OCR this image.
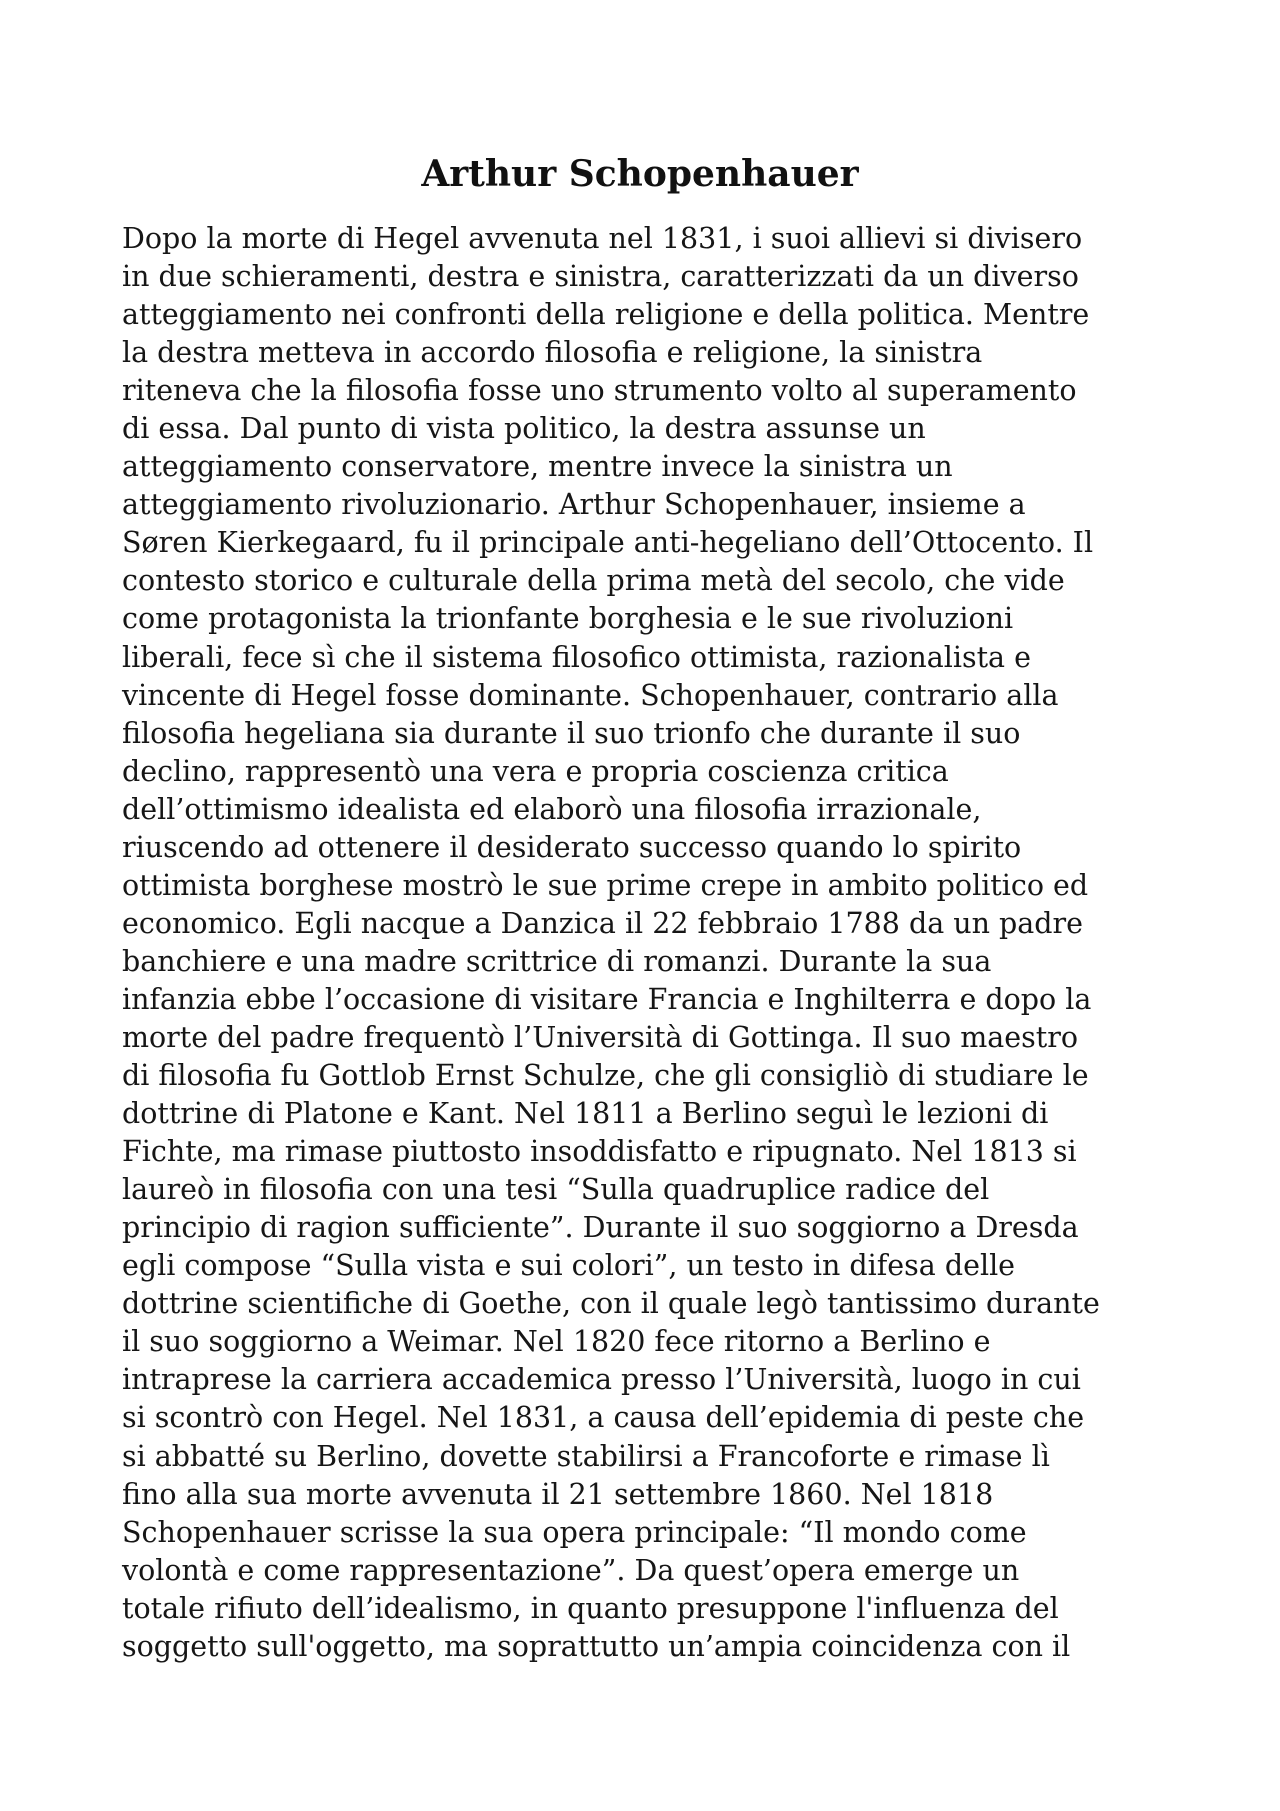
Arthur Schopenhauer
Dopo la morte di Hegel avvenuta nel 1831, i suoi allievi si divisero
in due schieramenti, destra e sinistra, caratterizzati da un diverso
atteggiamento nei confronti della religione e della politica. Mentre
la destra metteva in accordo filosofia e religione, la sinistra
riteneva che la filosofia fosse uno strumento volto al superamento
di essa. Dal punto di vista politico, la destra assunse un
atteggiamento conservatore, mentre invece la sinistra un
atteggiamento rivoluzionario. Arthur Schopenhauer, insieme a
Søren Kierkegaard, fu il principale anti-hegeliano dell’Ottocento. Il
contesto storico e culturale della prima metà del secolo, che vide
come protagonista la trionfante borghesia e le sue rivoluzioni
liberali, fece sì che il sistema filosofico ottimista, razionalista e
vincente di Hegel fosse dominante. Schopenhauer, contrario alla
filosofia hegeliana sia durante il suo trionfo che durante il suo
declino, rappresentò una vera e propria coscienza critica
dell’ottimismo idealista ed elaborò una filosofia irrazionale,
riuscendo ad ottenere il desiderato successo quando lo spirito
ottimista borghese mostrò le sue prime crepe in ambito politico ed
economico. Egli nacque a Danzica il 22 febbraio 1788 da un padre
banchiere e una madre scrittrice di romanzi. Durante la sua
infanzia ebbe l’occasione di visitare Francia e Inghilterra e dopo la
morte del padre frequentò l’Università di Gottinga. Il suo maestro
di filosofia fu Gottlob Ernst Schulze, che gli consigliò di studiare le
dottrine di Platone e Kant. Nel 1811 a Berlino seguì le lezioni di
Fichte, ma rimase piuttosto insoddisfatto e ripugnato. Nel 1813 si
laureò in filosofia con una tesi “Sulla quadruplice radice del
principio di ragion sufficiente”. Durante il suo soggiorno a Dresda
egli compose “Sulla vista e sui colori”, un testo in difesa delle
dottrine scientifiche di Goethe, con il quale legò tantissimo durante
il suo soggiorno a Weimar. Nel 1820 fece ritorno a Berlino e
intraprese la carriera accademica presso l’Università, luogo in cui
si scontrò con Hegel. Nel 1831, a causa dell’epidemia di peste che
si abbatté su Berlino, dovette stabilirsi a Francoforte e rimase lì
fino alla sua morte avvenuta il 21 settembre 1860. Nel 1818
Schopenhauer scrisse la sua opera principale: “Il mondo come
volontà e come rappresentazione”. Da quest’opera emerge un
totale rifiuto dell’idealismo, in quanto presuppone l'influenza del
soggetto sull'oggetto, ma soprattutto un’ampia coincidenza con il
